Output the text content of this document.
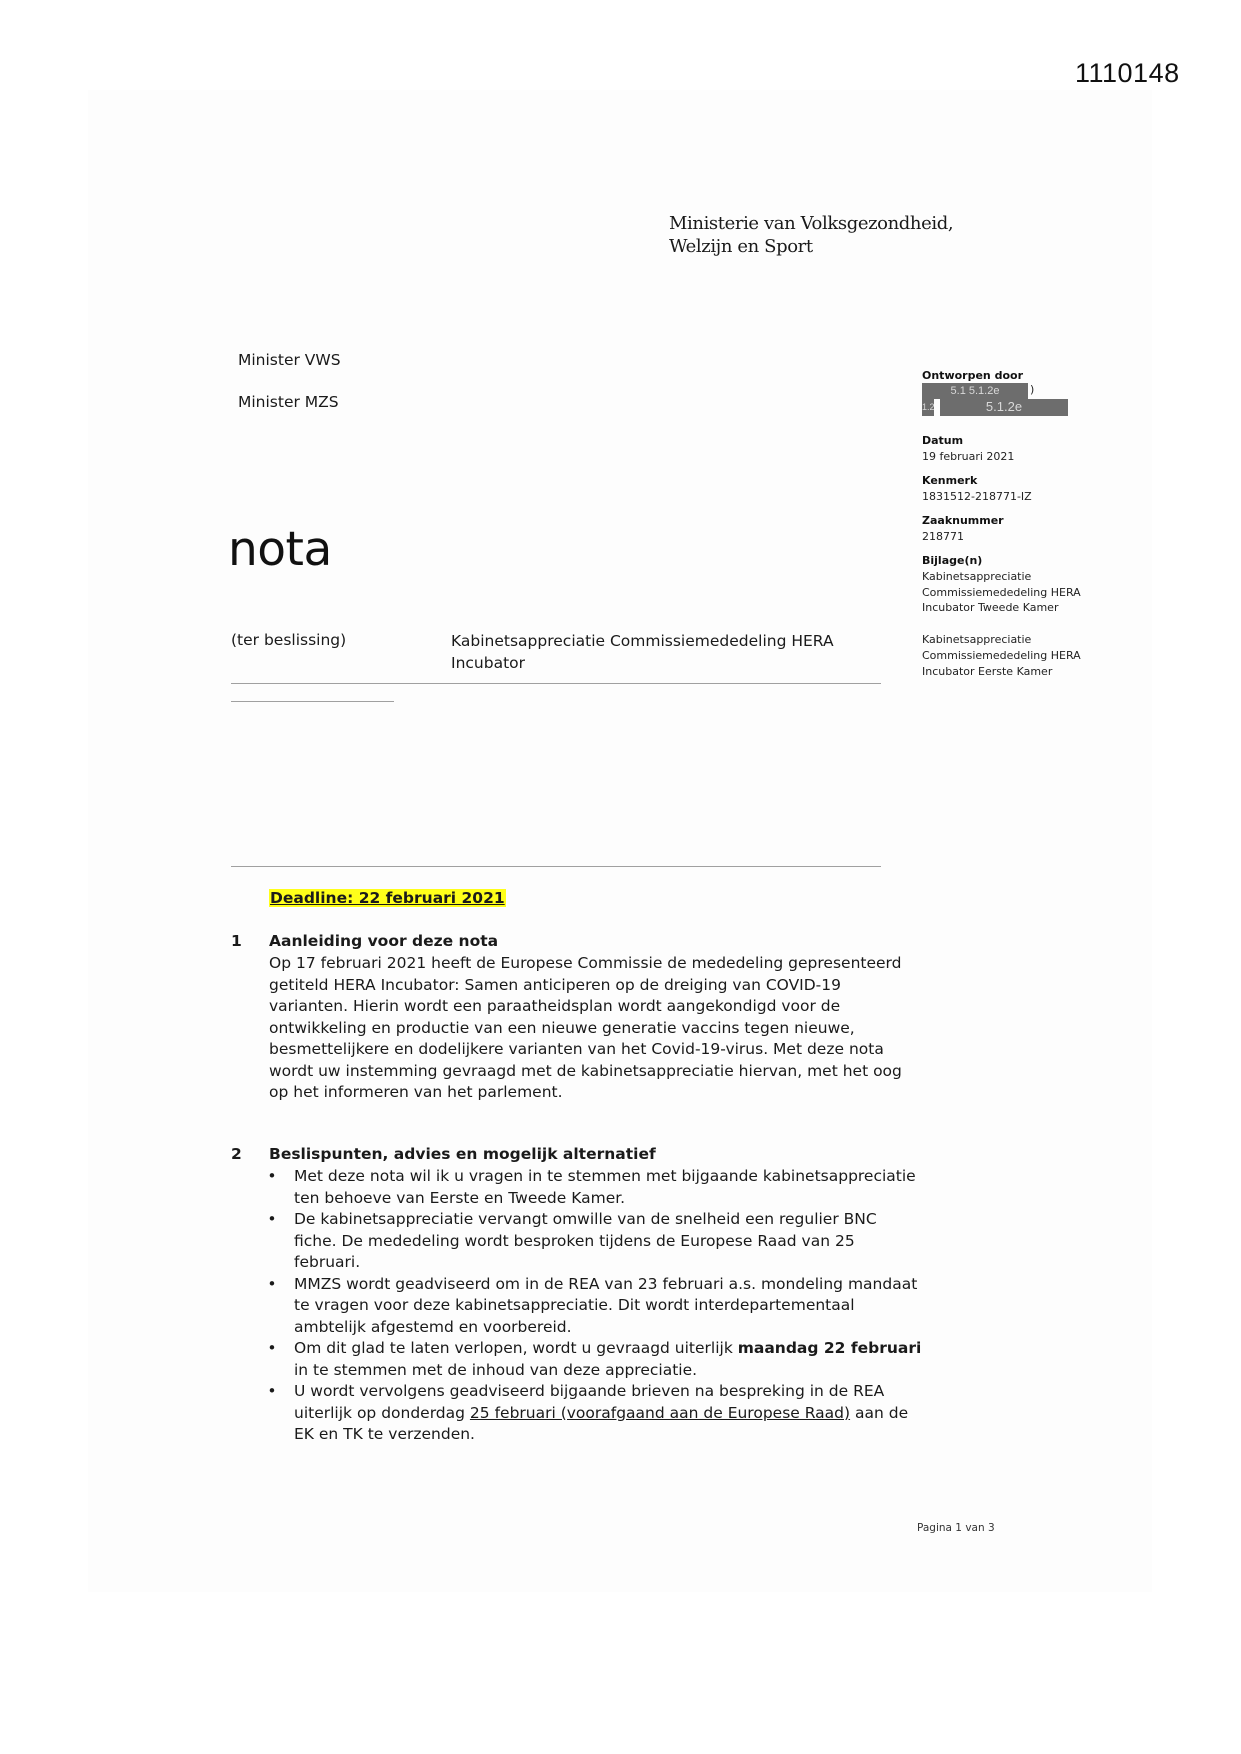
1110148
Ministerie van Volksgezondheid,
Welzijn en Sport
Minister VWS
Minister MZS
nota
(ter beslissing)	Kabinetsappreciatie Commissiemededeling HERA Incubator
Ontworpen door
5.1 5.1.2e	)
1.2	5.1.2e
Datum
19 februari 2021
Kenmerk
1831512-218771-IZ
Zaaknummer
218771
Bijlage(n)
Kabinetsappreciatie Commissiemededeling HERA Incubator Tweede Kamer
Kabinetsappreciatie Commissiemededeling HERA Incubator Eerste Kamer
Deadline: 22 februari 2021
1 Aanleiding voor deze nota
Op 17 februari 2021 heeft de Europese Commissie de mededeling gepresenteerd getiteld HERA Incubator: Samen anticiperen op de dreiging van COVID-19 varianten. Hierin wordt een paraatheidsplan wordt aangekondigd voor de ontwikkeling en productie van een nieuwe generatie vaccins tegen nieuwe, besmettelijkere en dodelijkere varianten van het Covid-19-virus. Met deze nota wordt uw instemming gevraagd met de kabinetsappreciatie hiervan, met het oog op het informeren van het parlement.
2 Beslispunten, advies en mogelijk alternatief
•	Met deze nota wil ik u vragen in te stemmen met bijgaande kabinetsappreciatie ten behoeve van Eerste en Tweede Kamer.
•	De kabinetsappreciatie vervangt omwille van de snelheid een regulier BNC fiche. De mededeling wordt besproken tijdens de Europese Raad van 25 februari.
•	MMZS wordt geadviseerd om in de REA van 23 februari a.s. mondeling mandaat te vragen voor deze kabinetsappreciatie. Dit wordt interdepartementaal ambtelijk afgestemd en voorbereid.
•	Om dit glad te laten verlopen, wordt u gevraagd uiterlijk maandag 22 februari in te stemmen met de inhoud van deze appreciatie.
•	U wordt vervolgens geadviseerd bijgaande brieven na bespreking in de REA uiterlijk op donderdag 25 februari (voorafgaand aan de Europese Raad) aan de EK en TK te verzenden.
Pagina 1 van 3
